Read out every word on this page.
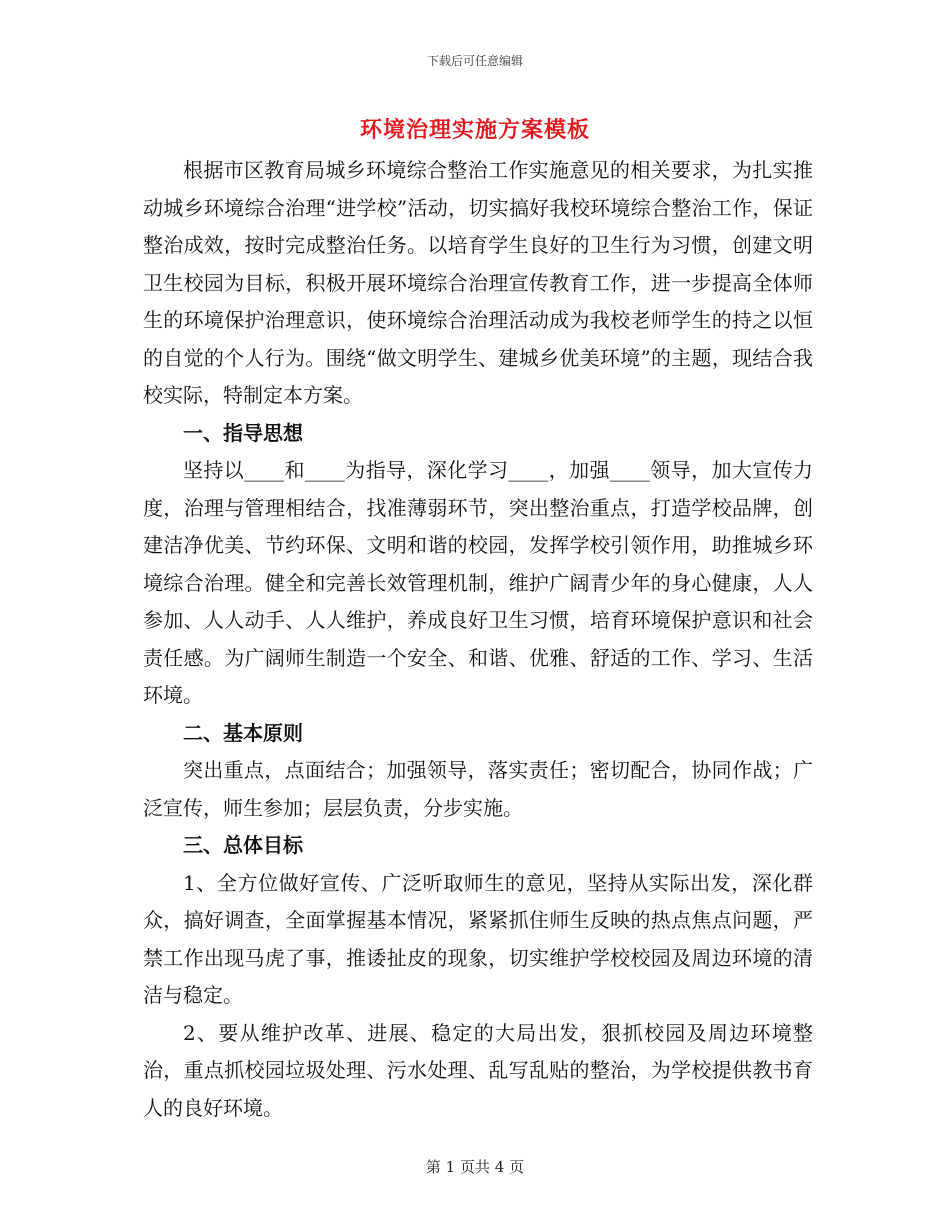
下载后可任意编辑
环境治理实施方案模板

根据市区教育局城乡环境综合整治工作实施意见的相关要求，为扎实推动城乡环境综合治理“进学校”活动，切实搞好我校环境综合整治工作，保证整治成效，按时完成整治任务。以培育学生良好的卫生行为习惯，创建文明卫生校园为目标，积极开展环境综合治理宣传教育工作，进一步提高全体师生的环境保护治理意识，使环境综合治理活动成为我校老师学生的持之以恒的自觉的个人行为。围绕“做文明学生、建城乡优美环境”的主题，现结合我校实际，特制定本方案。

一、指导思想

坚持以____和____为指导，深化学习____，加强____领导，加大宣传力度，治理与管理相结合，找准薄弱环节，突出整治重点，打造学校品牌，创建洁净优美、节约环保、文明和谐的校园，发挥学校引领作用，助推城乡环境综合治理。健全和完善长效管理机制，维护广阔青少年的身心健康，人人参加、人人动手、人人维护，养成良好卫生习惯，培育环境保护意识和社会责任感。为广阔师生制造一个安全、和谐、优雅、舒适的工作、学习、生活环境。

二、基本原则

突出重点，点面结合；加强领导，落实责任；密切配合，协同作战；广泛宣传，师生参加；层层负责，分步实施。

三、总体目标

1、全方位做好宣传、广泛听取师生的意见，坚持从实际出发，深化群众，搞好调查，全面掌握基本情况，紧紧抓住师生反映的热点焦点问题，严禁工作出现马虎了事，推诿扯皮的现象，切实维护学校校园及周边环境的清洁与稳定。

2、要从维护改革、进展、稳定的大局出发，狠抓校园及周边环境整治，重点抓校园垃圾处理、污水处理、乱写乱贴的整治，为学校提供教书育人的良好环境。

第 1 页共 4 页
